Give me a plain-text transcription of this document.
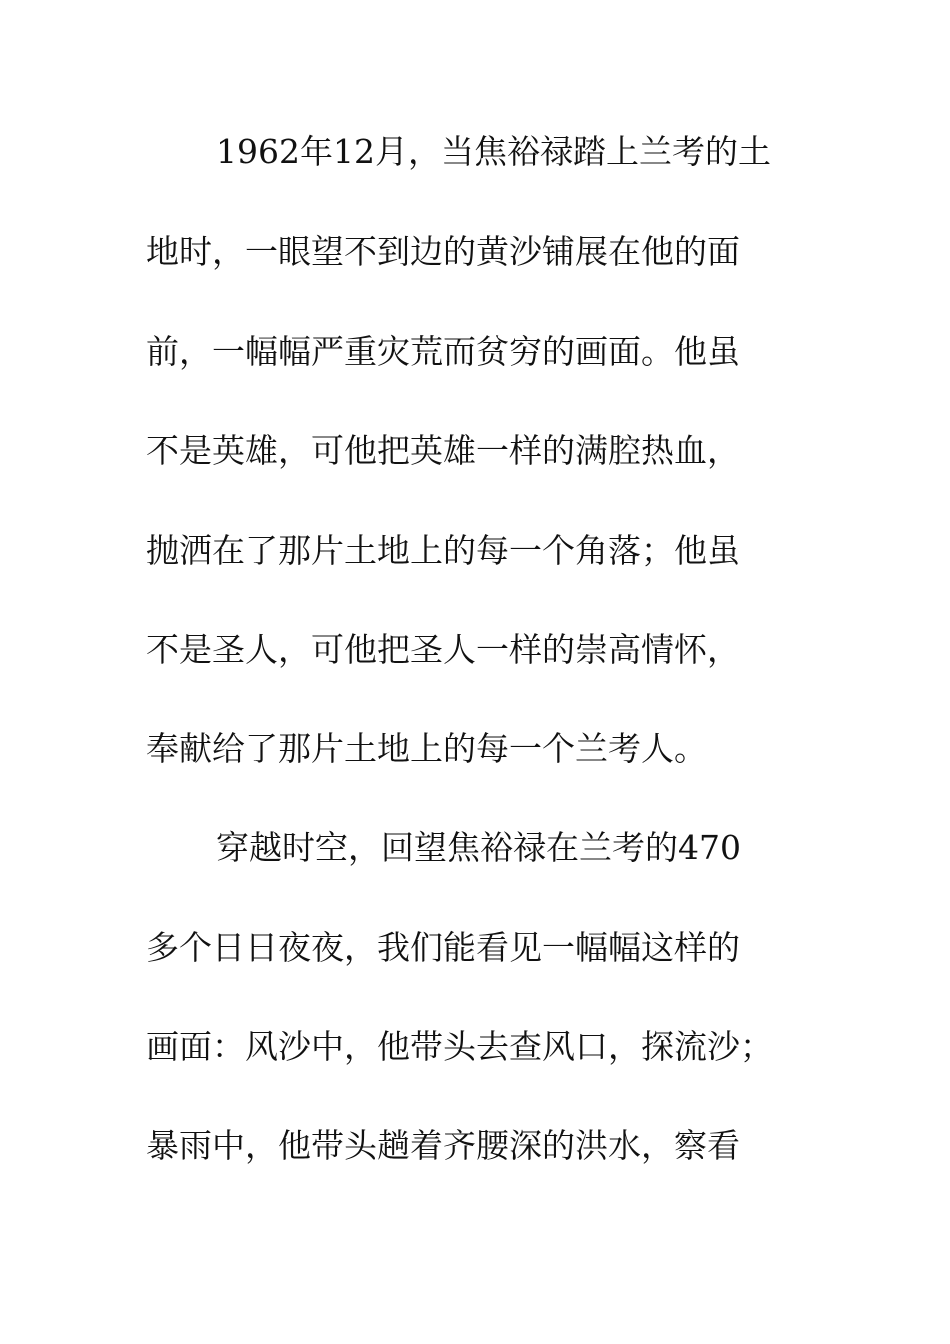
1962年12月，当焦裕禄踏上兰考的土
地时，一眼望不到边的黄沙铺展在他的面
前，一幅幅严重灾荒而贫穷的画面。他虽
不是英雄，可他把英雄一样的满腔热血，
抛洒在了那片土地上的每一个角落；他虽
不是圣人，可他把圣人一样的崇高情怀，
奉献给了那片土地上的每一个兰考人。
穿越时空，回望焦裕禄在兰考的470
多个日日夜夜，我们能看见一幅幅这样的
画面：风沙中，他带头去查风口，探流沙；
暴雨中，他带头趟着齐腰深的洪水，察看
